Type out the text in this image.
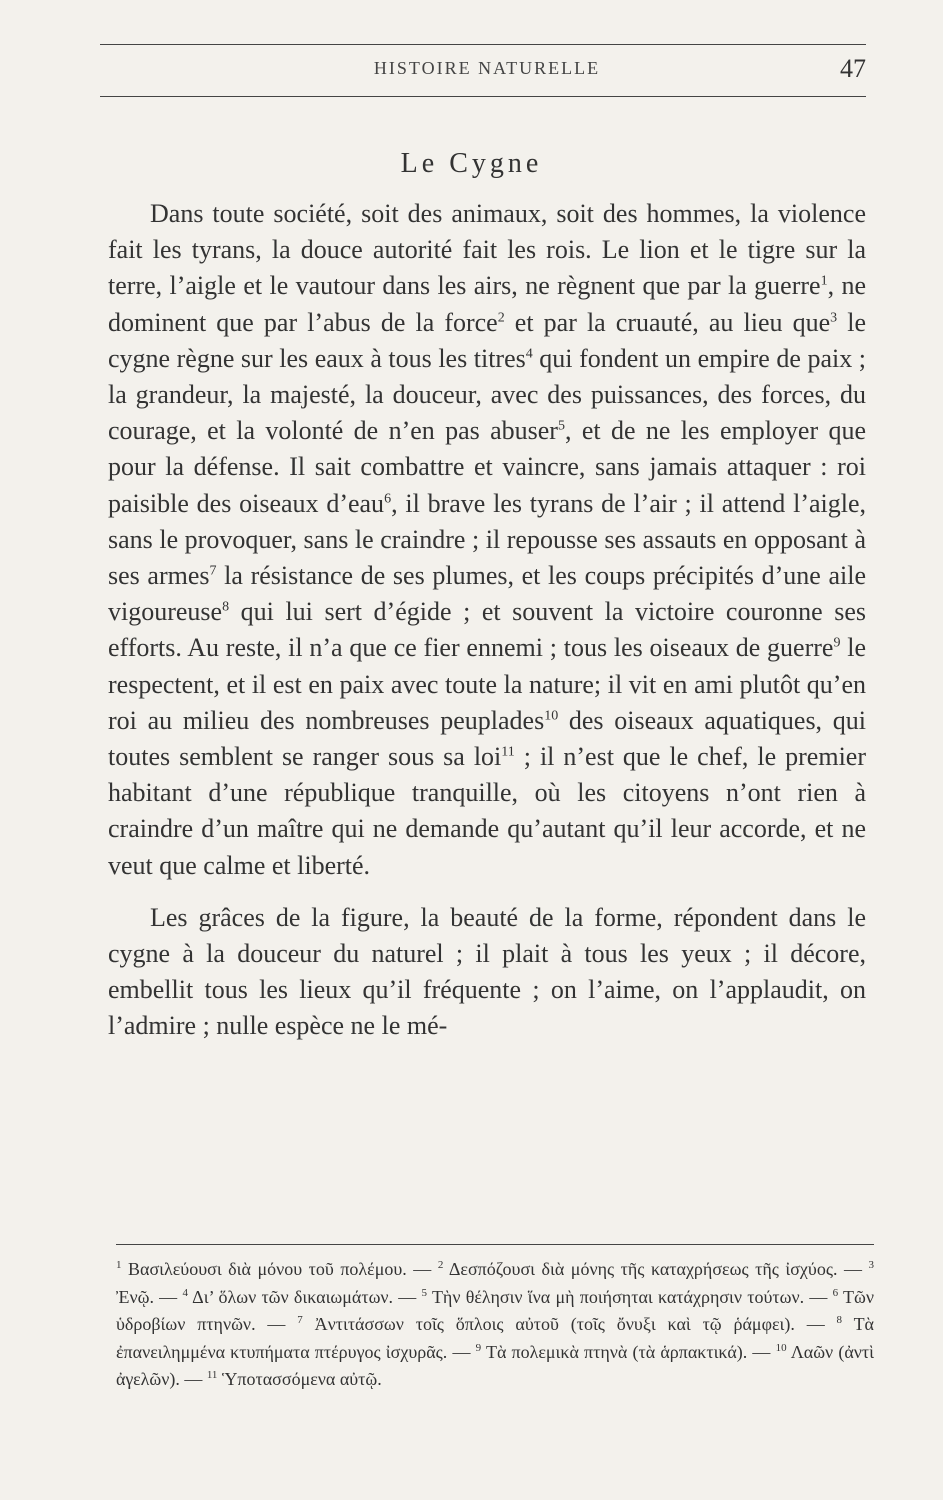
HISTOIRE NATURELLE	47
Le Cygne

Dans toute société, soit des animaux, soit des hommes, la violence fait les tyrans, la douce autorité fait les rois. Le lion et le tigre sur la terre, l’aigle et le vautour dans les airs, ne règnent que par la guerre$^1$, ne dominent que par l’abus de la force$^2$ et par la cruauté, au lieu que$^3$ le cygne règne sur les eaux à tous les titres$^4$ qui fondent un empire de paix ; la grandeur, la majesté, la douceur, avec des puissances, des forces, du courage, et la volonté de n’en pas abuser$^5$, et de ne les employer que pour la défense. Il sait combattre et vaincre, sans jamais attaquer : roi paisible des oiseaux d’eau$^6$, il brave les tyrans de l’air ; il attend l’aigle, sans le provoquer, sans le craindre ; il repousse ses assauts en opposant à ses armes$^7$ la résistance de ses plumes, et les coups précipités d’une aile vigoureuse$^8$ qui lui sert d’égide ; et souvent la victoire couronne ses efforts. Au reste, il n’a que ce fier ennemi ; tous les oiseaux de guerre$^9$ le respectent, et il est en paix avec toute la nature; il vit en ami plutôt qu’en roi au milieu des nombreuses peuplades$^{10}$ des oiseaux aquatiques, qui toutes semblent se ranger sous sa loi$^{11}$ ; il n’est que le chef, le premier habitant d’une république tranquille, où les citoyens n’ont rien à craindre d’un maître qui ne demande qu’autant qu’il leur accorde, et ne veut que calme et liberté.

Les grâces de la figure, la beauté de la forme, répondent dans le cygne à la douceur du naturel ; il plait à tous les yeux ; il décore, embellit tous les lieux qu’il fréquente ; on l’aime, on l’applaudit, on l’admire ; nulle espèce ne le mé-

$^1$ Βασιλεύουσι διὰ μόνου τοῦ πολέμου. — $^2$ Δεσπόζουσι διὰ μόνης τῆς καταχρήσεως τῆς ἰσχύος. — $^3$ Ἐνῷ. — $^4$ Δι’ ὅλων τῶν δικαιωμάτων. — $^5$ Τὴν θέλησιν ἵνα μὴ ποιήσηται κατάχρησιν τούτων. — $^6$ Τῶν ὑδροβίων πτηνῶν. — $^7$ Ἀντιτάσσων τοῖς ὅπλοις αὐτοῦ (τοῖς ὄνυξι καὶ τῷ ῥάμφει). — $^8$ Τὰ ἐπανειλημμένα κτυπήματα πτέρυγος ἰσχυρᾶς. — $^9$ Τὰ πολεμικὰ πτηνὰ (τὰ ἁρπακτικά). — $^{10}$ Λαῶν (ἀντὶ ἀγελῶν). — $^{11}$ Ὑποτασσόμενα αὐτῷ.
